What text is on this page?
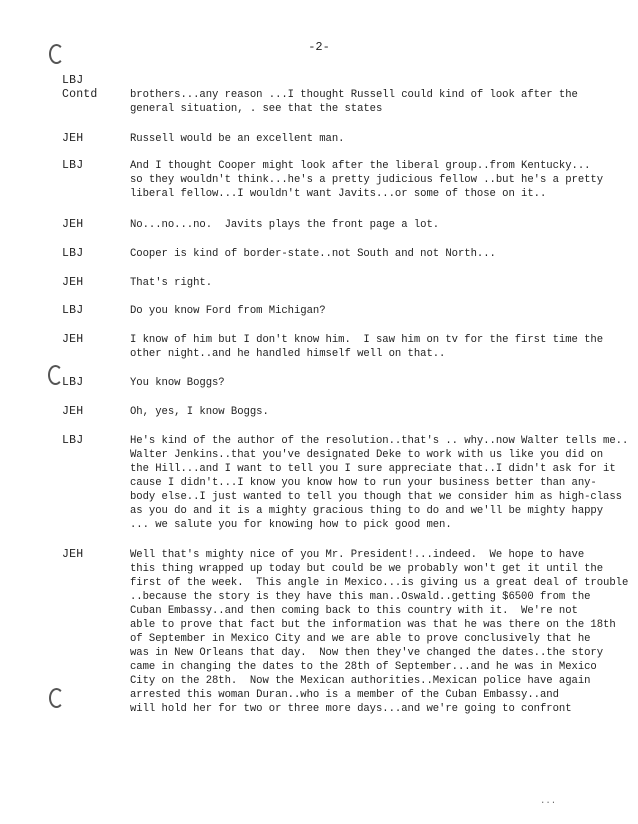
-2-
LBJ
Contd	brothers...any reason ...I thought Russell could kind of look after the
general situation, . see that the states
JEH	Russell would be an excellent man.
LBJ	And I thought Cooper might look after the liberal group..from Kentucky...
so they wouldn't think...he's a pretty judicious fellow ..but he's a pretty
liberal fellow...I wouldn't want Javits...or some of those on it..
JEH	No...no...no.  Javits plays the front page a lot.
LBJ	Cooper is kind of border-state..not South and not North...
JEH	That's right.
LBJ	Do you know Ford from Michigan?
JEH	I know of him but I don't know him.  I saw him on tv for the first time the
other night..and he handled himself well on that..
LBJ	You know Boggs?
JEH	Oh, yes, I know Boggs.
LBJ	He's kind of the author of the resolution..that's .. why..now Walter tells me..
Walter Jenkins..that you've designated Deke to work with us like you did on
the Hill...and I want to tell you I sure appreciate that..I didn't ask for it
cause I didn't...I know you know how to run your business better than any-
body else..I just wanted to tell you though that we consider him as high-class
as you do and it is a mighty gracious thing to do and we'll be mighty happy
... we salute you for knowing how to pick good men.
JEH	Well that's mighty nice of you Mr. President!...indeed.  We hope to have
this thing wrapped up today but could be we probably won't get it until the
first of the week.  This angle in Mexico...is giving us a great deal of trouble
..because the story is they have this man..Oswald..getting $6500 from the
Cuban Embassy..and then coming back to this country with it.  We're not
able to prove that fact but the information was that he was there on the 18th
of September in Mexico City and we are able to prove conclusively that he
was in New Orleans that day.  Now then they've changed the dates..the story
came in changing the dates to the 28th of September...and he was in Mexico
City on the 28th.  Now the Mexican authorities..Mexican police have again
arrested this woman Duran..who is a member of the Cuban Embassy..and
will hold her for two or three more days...and we're going to confront
...
